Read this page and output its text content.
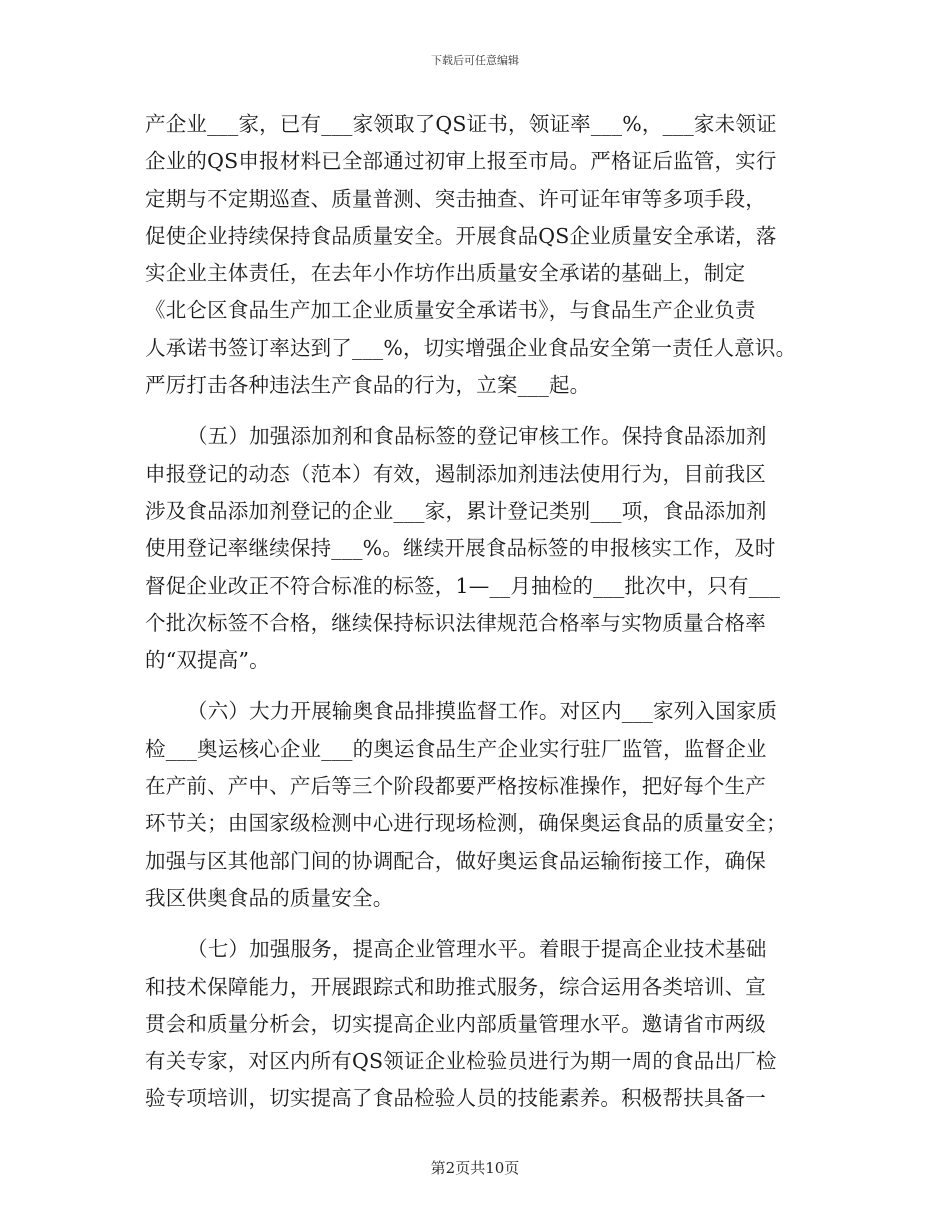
下载后可任意编辑

产企业___家，已有___家领取了QS证书，领证率___%，___家未领证

企业的QS申报材料已全部通过初审上报至市局。严格证后监管，实行

定期与不定期巡查、质量普测、突击抽查、许可证年审等多项手段，

促使企业持续保持食品质量安全。开展食品QS企业质量安全承诺，落

实企业主体责任，在去年小作坊作出质量安全承诺的基础上，制定

《北仑区食品生产加工企业质量安全承诺书》，与食品生产企业负责

人承诺书签订率达到了___%，切实增强企业食品安全第一责任人意识。

严厉打击各种违法生产食品的行为，立案___起。

（五）加强添加剂和食品标签的登记审核工作。保持食品添加剂

申报登记的动态（范本）有效，遏制添加剂违法使用行为，目前我区

涉及食品添加剂登记的企业___家，累计登记类别___项，食品添加剂

使用登记率继续保持___%。继续开展食品标签的申报核实工作，及时

督促企业改正不符合标准的标签，1—__月抽检的___批次中，只有___

个批次标签不合格，继续保持标识法律规范合格率与实物质量合格率

的“双提高”。

（六）大力开展输奥食品排摸监督工作。对区内___家列入国家质

检___奥运核心企业___的奥运食品生产企业实行驻厂监管，监督企业

在产前、产中、产后等三个阶段都要严格按标准操作，把好每个生产

环节关；由国家级检测中心进行现场检测，确保奥运食品的质量安全；

加强与区其他部门间的协调配合，做好奥运食品运输衔接工作，确保

我区供奥食品的质量安全。

（七）加强服务，提高企业管理水平。着眼于提高企业技术基础

和技术保障能力，开展跟踪式和助推式服务，综合运用各类培训、宣

贯会和质量分析会，切实提高企业内部质量管理水平。邀请省市两级

有关专家，对区内所有QS领证企业检验员进行为期一周的食品出厂检

验专项培训，切实提高了食品检验人员的技能素养。积极帮扶具备一

第2页共10页
